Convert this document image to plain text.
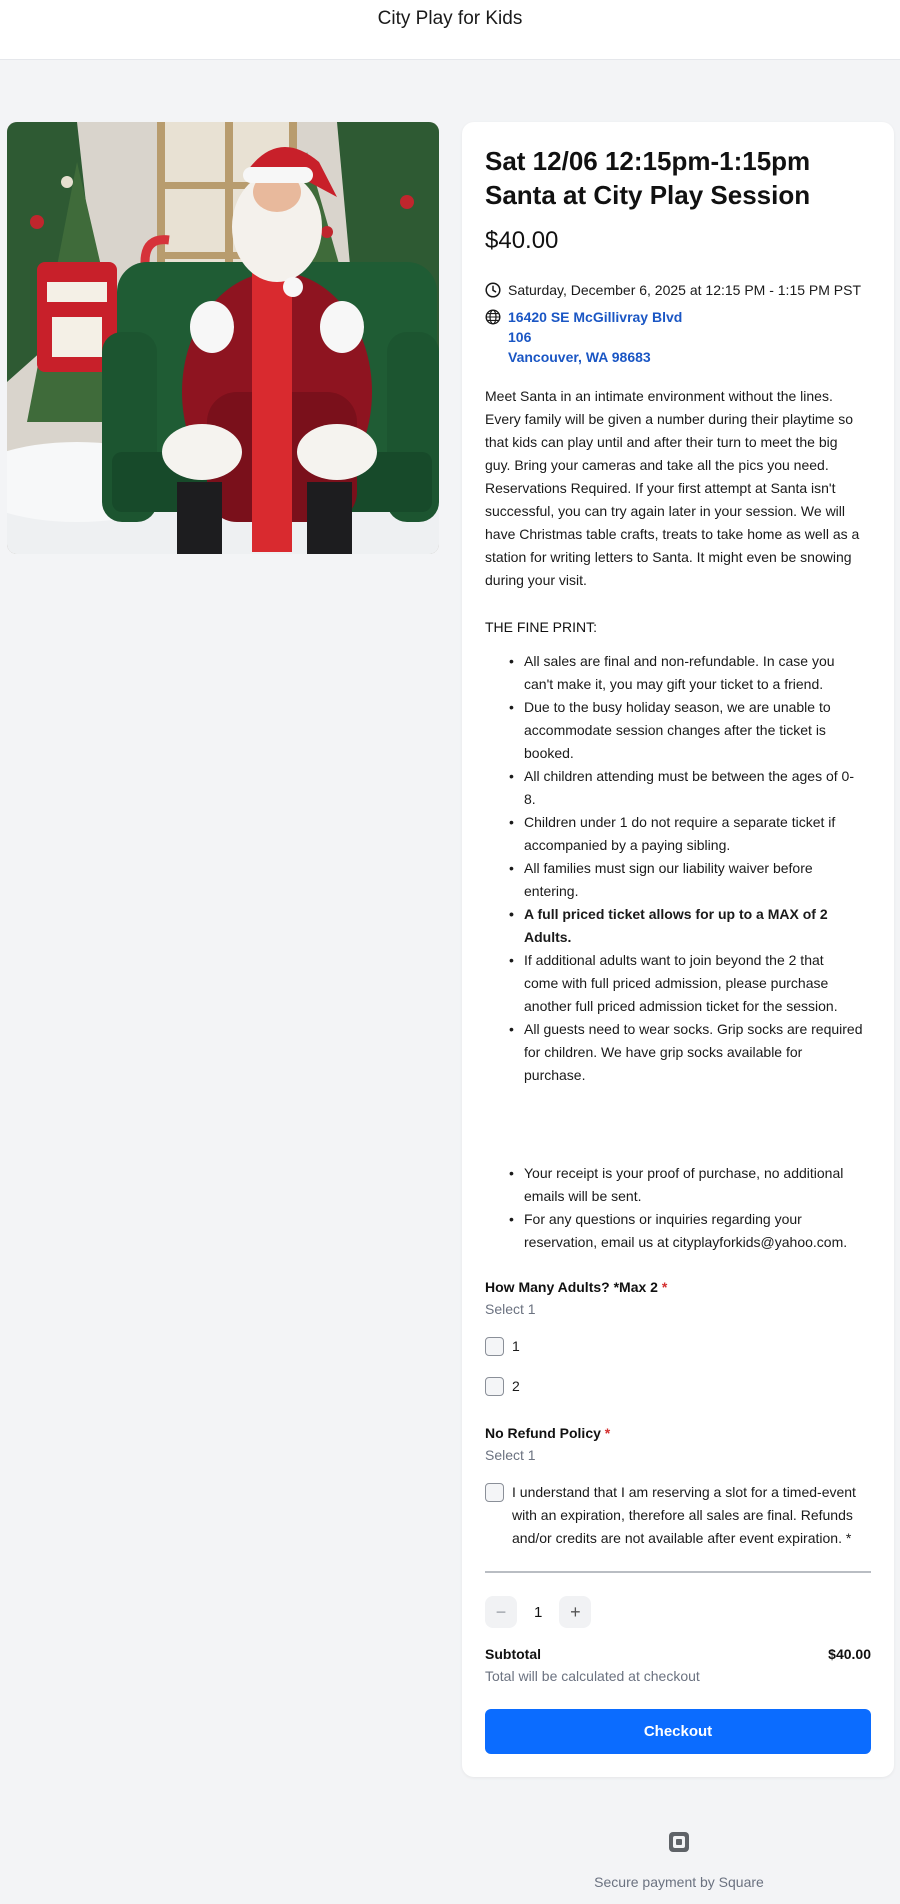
City Play for Kids
Sat 12/06 12:15pm-1:15pm
Santa at City Play Session
$40.00
Saturday, December 6, 2025 at 12:15 PM - 1:15 PM PST
16420 SE McGillivray Blvd
106
Vancouver, WA 98683
Meet Santa in an intimate environment without the lines.
Every family will be given a number during their playtime so
that kids can play until and after their turn to meet the big
guy. Bring your cameras and take all the pics you need.
Reservations Required. If your first attempt at Santa isn't
successful, you can try again later in your session. We will
have Christmas table crafts, treats to take home as well as a
station for writing letters to Santa. It might even be snowing
during your visit.
THE FINE PRINT:
• All sales are final and non-refundable. In case you
can't make it, you may gift your ticket to a friend.
• Due to the busy holiday season, we are unable to
accommodate session changes after the ticket is
booked.
• All children attending must be between the ages of 0-
8.
• Children under 1 do not require a separate ticket if
accompanied by a paying sibling.
• All families must sign our liability waiver before
entering.
• A full priced ticket allows for up to a MAX of 2
Adults.
• If additional adults want to join beyond the 2 that
come with full priced admission, please purchase
another full priced admission ticket for the session.
• All guests need to wear socks. Grip socks are required
for children. We have grip socks available for
purchase.
• Your receipt is your proof of purchase, no additional
emails will be sent.
• For any questions or inquiries regarding your
reservation, email us at cityplayforkids@yahoo.com.
How Many Adults? *Max 2 *
Select 1
1
2
No Refund Policy *
Select 1
I understand that I am reserving a slot for a timed-event
with an expiration, therefore all sales are final. Refunds
and/or credits are not available after event expiration. *
− 1 +
Subtotal	$40.00
Total will be calculated at checkout
Checkout
Secure payment by Square
